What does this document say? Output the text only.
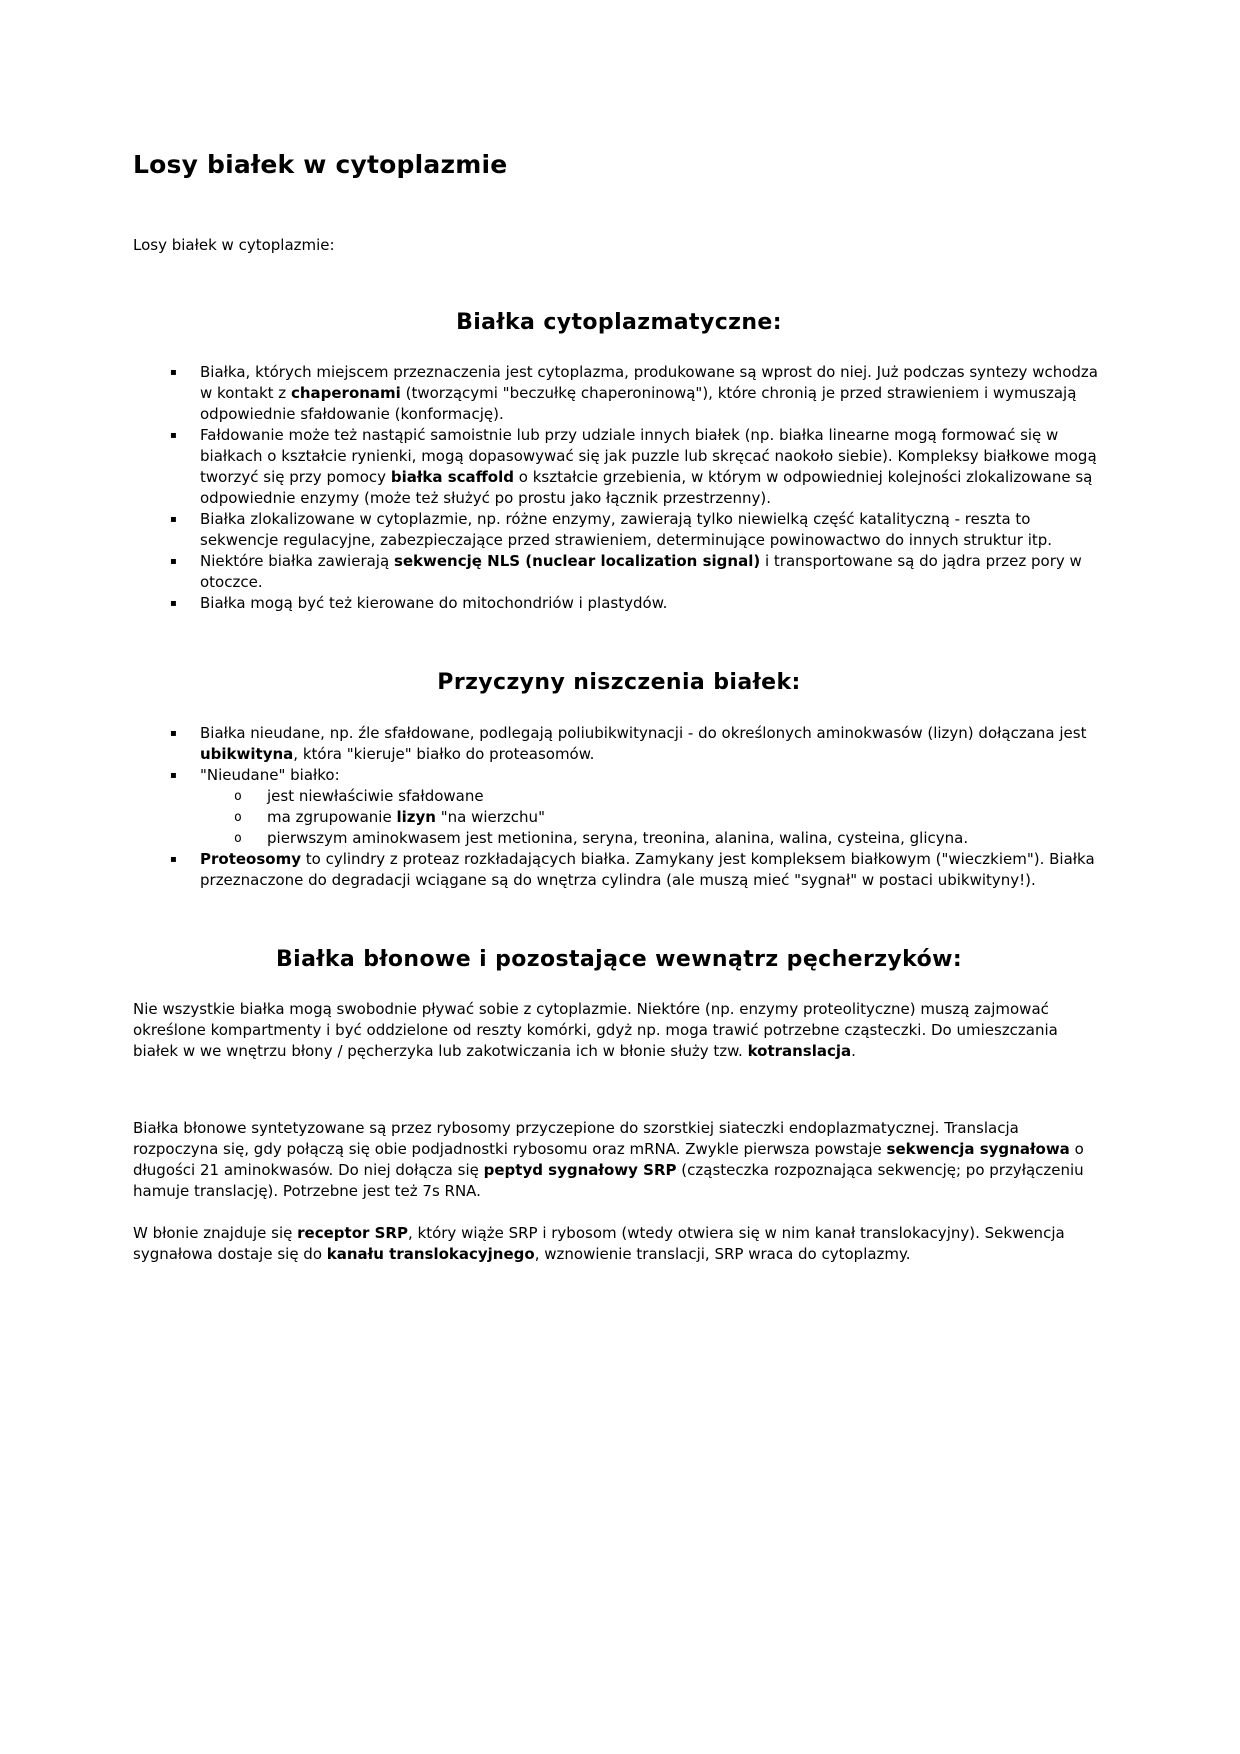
Losy białek w cytoplazmie

Losy białek w cytoplazmie:

Białka cytoplazmatyczne:
▪ Białka, których miejscem przeznaczenia jest cytoplazma, produkowane są wprost do niej. Już podczas syntezy wchodza w kontakt z chaperonami (tworzącymi "beczułkę chaperoninową"), które chronią je przed strawieniem i wymuszają odpowiednie sfałdowanie (konformację).
▪ Fałdowanie może też nastąpić samoistnie lub przy udziale innych białek (np. białka linearne mogą formować się w białkach o kształcie rynienki, mogą dopasowywać się jak puzzle lub skręcać naokoło siebie). Kompleksy białkowe mogą tworzyć się przy pomocy białka scaffold o kształcie grzebienia, w którym w odpowiedniej kolejności zlokalizowane są odpowiednie enzymy (może też służyć po prostu jako łącznik przestrzenny).
▪ Białka zlokalizowane w cytoplazmie, np. różne enzymy, zawierają tylko niewielką część katalityczną - reszta to sekwencje regulacyjne, zabezpieczające przed strawieniem, determinujące powinowactwo do innych struktur itp.
▪ Niektóre białka zawierają sekwencję NLS (nuclear localization signal) i transportowane są do jądra przez pory w otoczce.
▪ Białka mogą być też kierowane do mitochondriów i plastydów.
Przyczyny niszczenia białek:
▪ Białka nieudane, np. źle sfałdowane, podlegają poliubikwitynacji - do określonych aminokwasów (lizyn) dołączana jest ubikwityna, która "kieruje" białko do proteasomów.
▪ "Nieudane" białko:
o jest niewłaściwie sfałdowane
o ma zgrupowanie lizyn "na wierzchu"
o pierwszym aminokwasem jest metionina, seryna, treonina, alanina, walina, cysteina, glicyna.
▪ Proteosomy to cylindry z proteaz rozkładających białka. Zamykany jest kompleksem białkowym ("wieczkiem"). Białka przeznaczone do degradacji wciągane są do wnętrza cylindra (ale muszą mieć "sygnał" w postaci ubikwityny!).
Białka błonowe i pozostające wewnątrz pęcherzyków:

Nie wszystkie białka mogą swobodnie pływać sobie z cytoplazmie. Niektóre (np. enzymy proteolityczne) muszą zajmować określone kompartmenty i być oddzielone od reszty komórki, gdyż np. moga trawić potrzebne cząsteczki. Do umieszczania białek w we wnętrzu błony / pęcherzyka lub zakotwiczania ich w błonie służy tzw. kotranslacja.

Białka błonowe syntetyzowane są przez rybosomy przyczepione do szorstkiej siateczki endoplazmatycznej. Translacja rozpoczyna się, gdy połączą się obie podjadnostki rybosomu oraz mRNA. Zwykle pierwsza powstaje sekwencja sygnałowa o długości 21 aminokwasów. Do niej dołącza się peptyd sygnałowy SRP (cząsteczka rozpoznająca sekwencję; po przyłączeniu hamuje translację). Potrzebne jest też 7s RNA.

W błonie znajduje się receptor SRP, który wiąże SRP i rybosom (wtedy otwiera się w nim kanał translokacyjny). Sekwencja sygnałowa dostaje się do kanału translokacyjnego, wznowienie translacji, SRP wraca do cytoplazmy.
